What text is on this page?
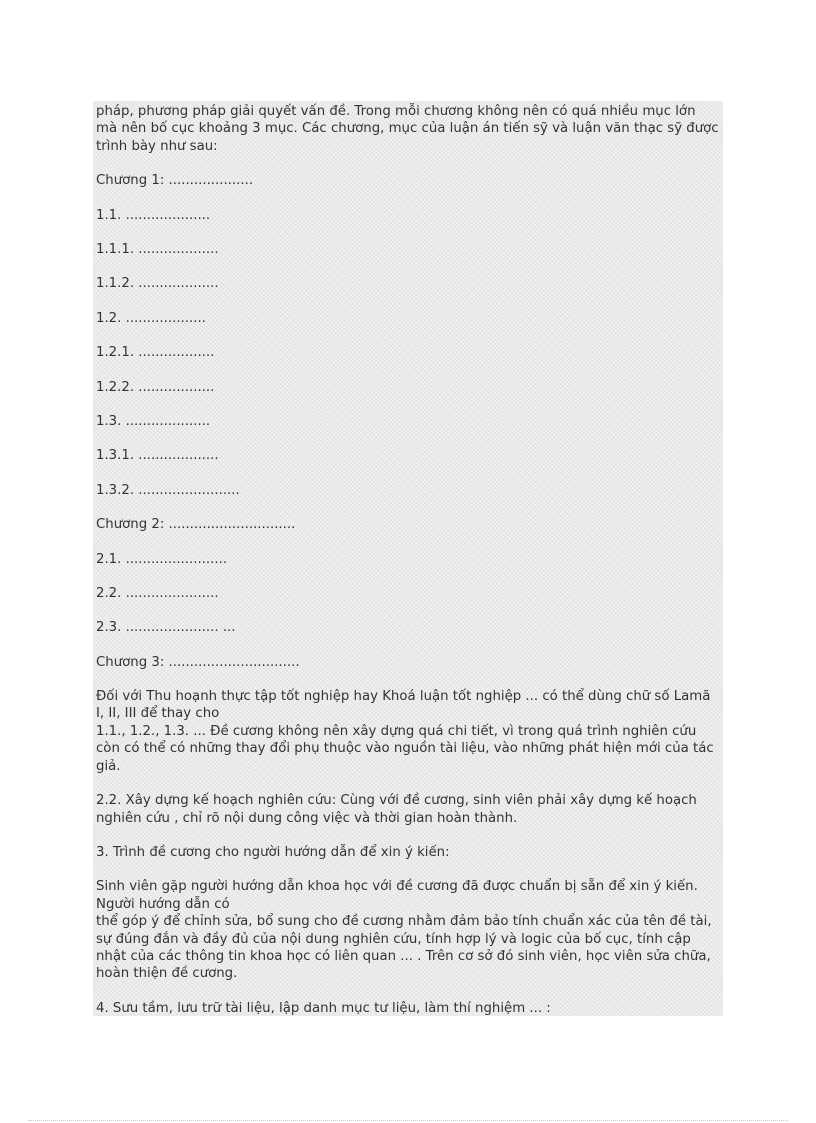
pháp, phương pháp giải quyết vấn đề. Trong mỗi chương không nên có quá nhiều mục lớn mà nên bố cục khoảng 3 mục. Các chương, mục của luận án tiến sỹ và luận văn thạc sỹ được trình bày như sau:

Chương 1: ....................

1.1. ....................

1.1.1. ...................

1.1.2. ...................

1.2. ...................

1.2.1. ..................

1.2.2. ..................

1.3. ....................

1.3.1. ...................

1.3.2. ........................

Chương 2: ..............................

2.1. ........................

2.2. ......................

2.3. ...................... ...

Chương 3: ...............................

Đối với Thu hoạnh thực tập tốt nghiệp hay Khoá luận tốt nghiệp ... có thể dùng chữ số Lamã I, II, III để thay cho

1.1., 1.2., 1.3. ... Đề cương không nên xây dựng quá chi tiết, vì trong quá trình nghiên cứu còn có thể có những thay đổi phụ thuộc vào nguồn tài liệu, vào những phát hiện mới của tác giả.

2.2. Xây dựng kế hoạch nghiên cứu: Cùng với đề cương, sinh viên phải xây dựng kế hoạch nghiên cứu , chỉ rõ nội dung công việc và thời gian hoàn thành.

3. Trình đề cương cho người hướng dẫn để xin ý kiến:

Sinh viên gặp người hướng dẫn khoa học với đề cương đã được chuẩn bị sẵn để xin ý kiến. Người hướng dẫn có

thể góp ý để chỉnh sửa, bổ sung cho đề cương nhằm đảm bảo tính chuẩn xác của tên đề tài, sự đúng đắn và đầy đủ của nội dung nghiên cứu, tính hợp lý và logic của bố cục, tính cập nhật của các thông tin khoa học có liên quan ... . Trên cơ sở đó sinh viên, học viên sửa chữa, hoàn thiện đề cương.

4. Sưu tầm, lưu trữ tài liệu, lập danh mục tư liệu, làm thí nghiệm ... :
